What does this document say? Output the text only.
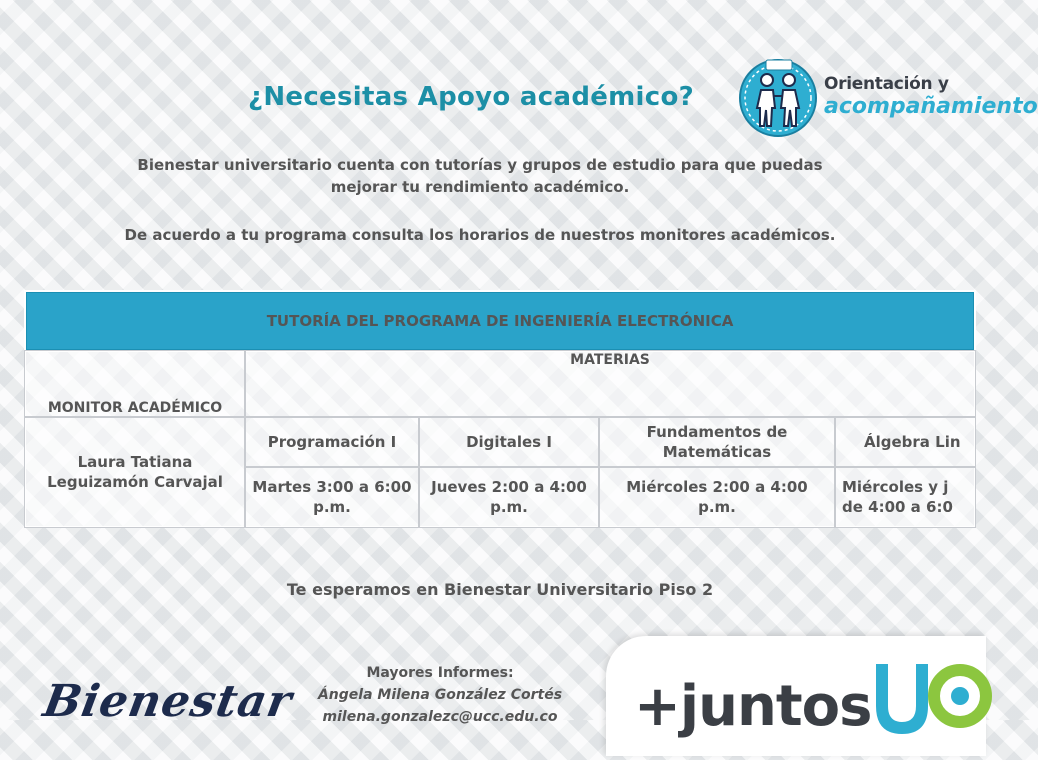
¿Necesitas Apoyo académico?	Orientación y
acompañamiento

Bienestar universitario cuenta con tutorías y grupos de estudio para que puedas
mejorar tu rendimiento académico.

De acuerdo a tu programa consulta los horarios de nuestros monitores académicos.

TUTORÍA DEL PROGRAMA DE INGENIERÍA ELECTRÓNICA				
MONITOR ACADÉMICO	MATERIAS			
Laura Tatiana Leguizamón Carvajal	Programación I	Digitales I	Fundamentos de Matemáticas	Álgebra Lin
	Martes 3:00 a 6:00 p.m.	Jueves 2:00 a 4:00 p.m.	Miércoles 2:00 a 4:00 p.m.	Miércoles y j de 4:00 a 6:0

Te esperamos en Bienestar Universitario Piso 2

Mayores Informes:
Ángela Milena González Cortés
milena.gonzalezc@ucc.edu.co
Bienestar	+juntos
